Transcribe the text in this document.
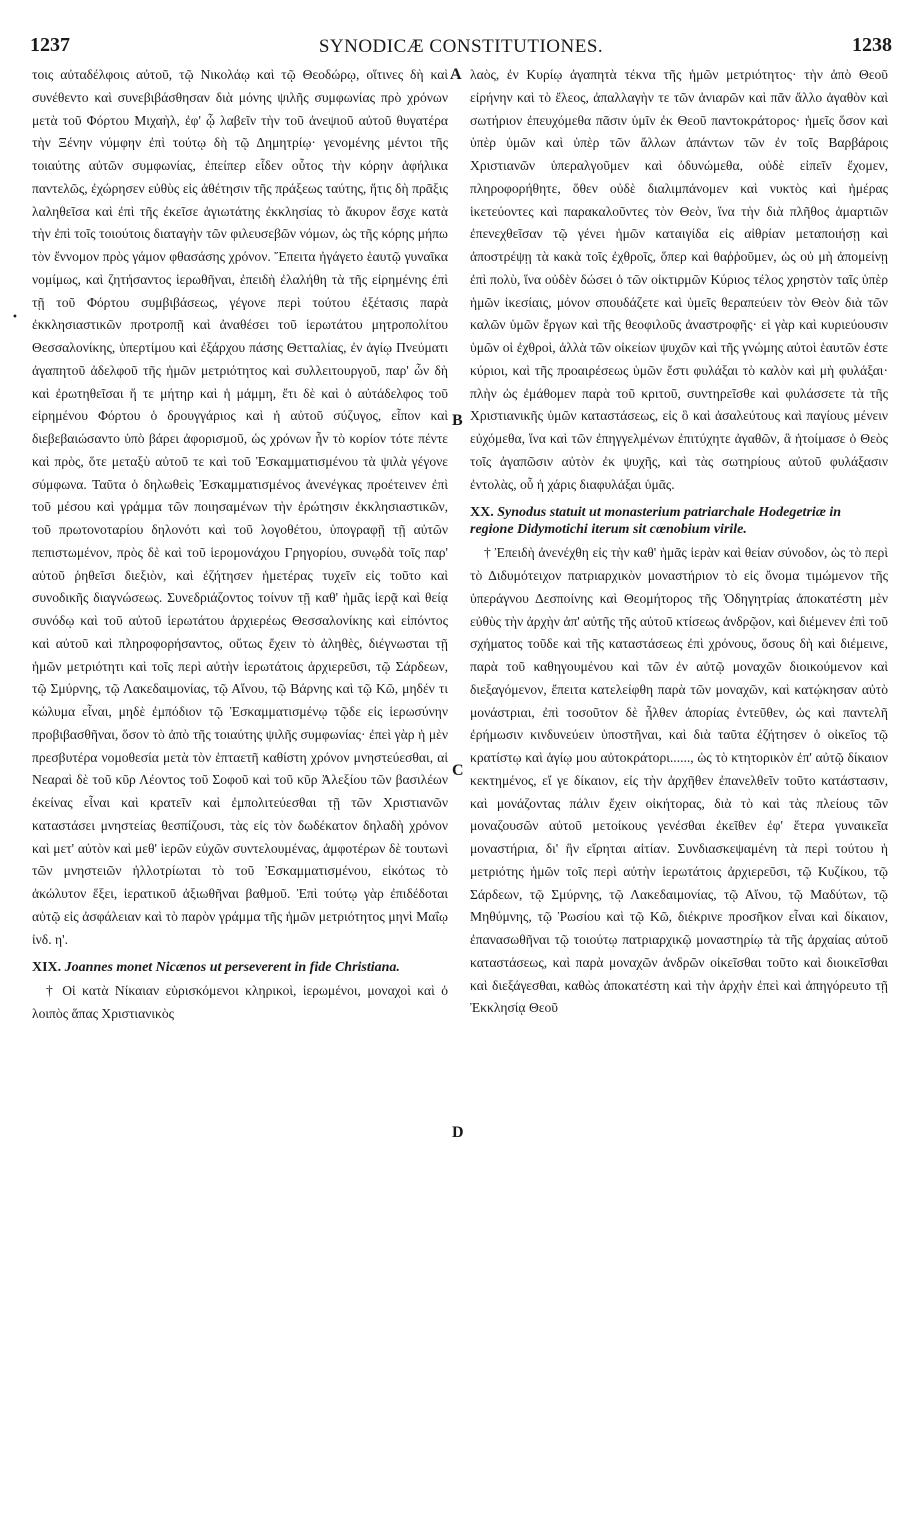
1237	SYNODICÆ CONSTITUTIONES.	1238
•
A
B
C
D

τοις αὐταδέλφοις αὐτοῦ, τῷ Νικολάῳ καὶ τῷ Θεοδώρῳ, οἵτινες δὴ καὶ συνέθεντο καὶ συνεβιβάσθησαν διὰ μόνης ψιλῆς συμφωνίας πρὸ χρόνων μετὰ τοῦ Φόρτου Μιχαὴλ, ἐφ' ᾧ λαβεῖν τὴν τοῦ ἀνεψιοῦ αὐτοῦ θυγατέρα τὴν Ξένην νύμφην ἐπὶ τούτῳ δὴ τῷ Δημητρίῳ· γενομένης μέντοι τῆς τοιαύτης αὐτῶν συμφωνίας, ἐπείπερ εἶδεν οὗτος τὴν κόρην ἀφήλικα παντελῶς, ἐχώρησεν εὐθὺς εἰς ἀθέτησιν τῆς πράξεως ταύτης, ἥτις δὴ πρᾶξις λαληθεῖσα καὶ ἐπὶ τῆς ἐκεῖσε ἁγιωτάτης ἐκκλησίας τὸ ἄκυρον ἔσχε κατὰ τὴν ἐπὶ τοῖς τοιούτοις διαταγὴν τῶν φιλευσεβῶν νόμων, ὡς τῆς κόρης μήπω τὸν ἔννομον πρὸς γάμον φθασάσης χρόνον. Ἔπειτα ἠγάγετο ἑαυτῷ γυναῖκα νομίμως, καὶ ζητήσαντος ἱερωθῆναι, ἐπειδὴ ἐλαλήθη τὰ τῆς εἰρημένης ἐπὶ τῇ τοῦ Φόρτου συμβιβάσεως, γέγονε περὶ τούτου ἐξέτασις παρὰ ἐκκλησιαστικῶν προτροπῇ καὶ ἀναθέσει τοῦ ἱερωτάτου μητροπολίτου Θεσσαλονίκης, ὑπερτίμου καὶ ἐξάρχου πάσης Θετταλίας, ἐν ἁγίῳ Πνεύματι ἀγαπητοῦ ἀδελφοῦ τῆς ἡμῶν μετριότητος καὶ συλλειτουργοῦ, παρ' ὧν δὴ καὶ ἐρωτηθεῖσαι ἥ τε μήτηρ καὶ ἡ μάμμη, ἔτι δὲ καὶ ὁ αὐτάδελφος τοῦ εἰρημένου Φόρτου ὁ δρουγγάριος καὶ ἡ αὐτοῦ σύζυγος, εἶπον καὶ διεβεβαιώσαντο ὑπὸ βάρει ἀφορισμοῦ, ὡς χρόνων ἦν τὸ κορίον τότε πέντε καὶ πρὸς, ὅτε μεταξὺ αὐτοῦ τε καὶ τοῦ Ἐσκαμματισμένου τὰ ψιλὰ γέγονε σύμφωνα. Ταῦτα ὁ δηλωθεὶς Ἐσκαμματισμένος ἀνενέγκας προέτεινεν ἐπὶ τοῦ μέσου καὶ γράμμα τῶν ποιησαμένων τὴν ἐρώτησιν ἐκκλησιαστικῶν, τοῦ πρωτονοταρίου δηλονότι καὶ τοῦ λογοθέτου, ὑπογραφῇ τῇ αὐτῶν πεπιστωμένον, πρὸς δὲ καὶ τοῦ ἱερομονάχου Γρηγορίου, συνῳδὰ τοῖς παρ' αὐτοῦ ῥηθεῖσι διεξιὸν, καὶ ἐζήτησεν ἡμετέρας τυχεῖν εἰς τοῦτο καὶ συνοδικῆς διαγνώσεως. Συνεδριάζοντος τοίνυν τῇ καθ' ἡμᾶς ἱερᾷ καὶ θείᾳ συνόδῳ καὶ τοῦ αὐτοῦ ἱερωτάτου ἀρχιερέως Θεσσαλονίκης καὶ εἰπόντος καὶ αὐτοῦ καὶ πληροφορήσαντος, οὕτως ἔχειν τὸ ἀληθὲς, διέγνωσται τῇ ἡμῶν μετριότητι καὶ τοῖς περὶ αὐτὴν ἱερωτάτοις ἀρχιερεῦσι, τῷ Σάρδεων, τῷ Σμύρνης, τῷ Λακεδαιμονίας, τῷ Αἴνου, τῷ Βάρνης καὶ τῷ Κῶ, μηδέν τι κώλυμα εἶναι, μηδὲ ἐμπόδιον τῷ Ἐσκαμματισμένῳ τῷδε εἰς ἱερωσύνην προβιβασθῆναι, ὅσον τὸ ἀπὸ τῆς τοιαύτης ψιλῆς συμφωνίας· ἐπεὶ γὰρ ἡ μὲν πρεσβυτέρα νομοθεσία μετὰ τὸν ἑπταετῆ καθίστη χρόνον μνηστεύεσθαι, αἱ Νεαραὶ δὲ τοῦ κῦρ Λέοντος τοῦ Σοφοῦ καὶ τοῦ κῦρ Ἀλεξίου τῶν βασιλέων ἐκείνας εἶναι καὶ κρατεῖν καὶ ἐμπολιτεύεσθαι τῇ τῶν Χριστιανῶν καταστάσει μνηστείας θεσπίζουσι, τὰς εἰς τὸν δωδέκατον δηλαδὴ χρόνον καὶ μετ' αὐτὸν καὶ μεθ' ἱερῶν εὐχῶν συντελουμένας, ἀμφοτέρων δὲ τουτωνὶ τῶν μνηστειῶν ἠλλοτρίωται τὸ τοῦ Ἐσκαμματισμένου, εἰκότως τὸ ἀκώλυτον ἕξει, ἱερατικοῦ ἀξιωθῆναι βαθμοῦ. Ἐπὶ τούτῳ γὰρ ἐπιδέδοται αὐτῷ εἰς ἀσφάλειαν καὶ τὸ παρὸν γράμμα τῆς ἡμῶν μετριότητος μηνὶ Μαΐῳ ἰνδ. η'.

XIX. Joannes monet Nicænos ut perseverent in fide Christiana.

† Οἱ κατὰ Νίκαιαν εὑρισκόμενοι κληρικοὶ, ἱερωμένοι, μοναχοὶ καὶ ὁ λοιπὸς ἅπας Χριστιανικὸς

λαὸς, ἐν Κυρίῳ ἀγαπητὰ τέκνα τῆς ἡμῶν μετριότητος· τὴν ἀπὸ Θεοῦ εἰρήνην καὶ τὸ ἔλεος, ἀπαλλαγὴν τε τῶν ἀνιαρῶν καὶ πᾶν ἄλλο ἀγαθὸν καὶ σωτήριον ἐπευχόμεθα πᾶσιν ὑμῖν ἐκ Θεοῦ παντοκράτορος· ἡμεῖς ὅσον καὶ ὑπὲρ ὑμῶν καὶ ὑπὲρ τῶν ἄλλων ἁπάντων τῶν ἐν τοῖς Βαρβάροις Χριστιανῶν ὑπεραλγοῦμεν καὶ ὀδυνώμεθα, οὐδὲ εἰπεῖν ἔχομεν, πληροφορήθητε, ὅθεν οὐδὲ διαλιμπάνομεν καὶ νυκτὸς καὶ ἡμέρας ἱκετεύοντες καὶ παρακαλοῦντες τὸν Θεὸν, ἵνα τὴν διὰ πλῆθος ἁμαρτιῶν ἐπενεχθεῖσαν τῷ γένει ἡμῶν καταιγίδα εἰς αἰθρίαν μεταποιήσῃ καὶ ἀποστρέψῃ τὰ κακὰ τοῖς ἐχθροῖς, ὅπερ καὶ θαῤῥοῦμεν, ὡς οὐ μὴ ἀπομείνῃ ἐπὶ πολὺ, ἵνα οὐδὲν δώσει ὁ τῶν οἰκτιρμῶν Κύριος τέλος χρηστὸν ταῖς ὑπὲρ ἡμῶν ἱκεσίαις, μόνον σπουδάζετε καὶ ὑμεῖς θεραπεύειν τὸν Θεὸν διὰ τῶν καλῶν ὑμῶν ἔργων καὶ τῆς θεοφιλοῦς ἀναστροφῆς· εἰ γὰρ καὶ κυριεύουσιν ὑμῶν οἱ ἐχθροὶ, ἀλλὰ τῶν οἰκείων ψυχῶν καὶ τῆς γνώμης αὐτοὶ ἑαυτῶν ἐστε κύριοι, καὶ τῆς προαιρέσεως ὑμῶν ἔστι φυλάξαι τὸ καλὸν καὶ μὴ φυλάξαι· πλὴν ὡς ἐμάθομεν παρὰ τοῦ κριτοῦ, συντηρεῖσθε καὶ φυλάσσετε τὰ τῆς Χριστιανικῆς ὑμῶν καταστάσεως, εἰς ὃ καὶ ἀσαλεύτους καὶ παγίους μένειν εὐχόμεθα, ἵνα καὶ τῶν ἐπηγγελμένων ἐπιτύχητε ἀγαθῶν, ἃ ἡτοίμασε ὁ Θεὸς τοῖς ἀγαπῶσιν αὐτὸν ἐκ ψυχῆς, καὶ τὰς σωτηρίους αὐτοῦ φυλάξασιν ἐντολὰς, οὗ ἡ χάρις διαφυλάξαι ὑμᾶς.

XX. Synodus statuit ut monasterium patriarchale Hodegetriæ in regione Didymotichi iterum sit cœnobium virile.

† Ἐπειδὴ ἀνενέχθη εἰς τὴν καθ' ἡμᾶς ἱερὰν καὶ θείαν σύνοδον, ὡς τὸ περὶ τὸ Διδυμότειχον πατριαρχικὸν μοναστήριον τὸ εἰς ὄνομα τιμώμενον τῆς ὑπεράγνου Δεσποίνης καὶ Θεομήτορος τῆς Ὁδηγητρίας ἀποκατέστη μὲν εὐθὺς τὴν ἀρχὴν ἀπ' αὐτῆς τῆς αὐτοῦ κτίσεως ἀνδρῷον, καὶ διέμενεν ἐπὶ τοῦ σχήματος τοῦδε καὶ τῆς καταστάσεως ἐπὶ χρόνους, ὅσους δὴ καὶ διέμεινε, παρὰ τοῦ καθηγουμένου καὶ τῶν ἐν αὐτῷ μοναχῶν διοικούμενον καὶ διεξαγόμενον, ἔπειτα κατελείφθη παρὰ τῶν μοναχῶν, καὶ κατῴκησαν αὐτὸ μονάστριαι, ἐπὶ τοσοῦτον δὲ ἦλθεν ἀπορίας ἐντεῦθεν, ὡς καὶ παντελῆ ἐρήμωσιν κινδυνεύειν ὑποστῆναι, καὶ διὰ ταῦτα ἐζήτησεν ὁ οἰκεῖος τῷ κρατίστῳ καὶ ἁγίῳ μου αὐτοκράτορι......, ὡς τὸ κτητορικὸν ἐπ' αὐτῷ δίκαιον κεκτημένος, εἴ γε δίκαιον, εἰς τὴν ἀρχῆθεν ἐπανελθεῖν τοῦτο κατάστασιν, καὶ μονάζοντας πάλιν ἔχειν οἰκήτορας, διὰ τὸ καὶ τὰς πλείους τῶν μοναζουσῶν αὐτοῦ μετοίκους γενέσθαι ἐκεῖθεν ἐφ' ἕτερα γυναικεῖα μοναστήρια, δι' ἣν εἴρηται αἰτίαν. Συνδιασκεψαμένη τὰ περὶ τούτου ἡ μετριότης ἡμῶν τοῖς περὶ αὐτὴν ἱερωτάτοις ἀρχιερεῦσι, τῷ Κυζίκου, τῷ Σάρδεων, τῷ Σμύρνης, τῷ Λακεδαιμονίας, τῷ Αἴνου, τῷ Μαδύτων, τῷ Μηθύμνης, τῷ Ῥωσίου καὶ τῷ Κῶ, διέκρινε προσῆκον εἶναι καὶ δίκαιον, ἐπανασωθῆναι τῷ τοιούτῳ πατριαρχικῷ μοναστηρίῳ τὰ τῆς ἀρχαίας αὐτοῦ καταστάσεως, καὶ παρὰ μοναχῶν ἀνδρῶν οἰκεῖσθαι τοῦτο καὶ διοικεῖσθαι καὶ διεξάγεσθαι, καθὼς ἀποκατέστη καὶ τὴν ἀρχὴν ἐπεὶ καὶ ἀπηγόρευτο τῇ Ἐκκλησίᾳ Θεοῦ
